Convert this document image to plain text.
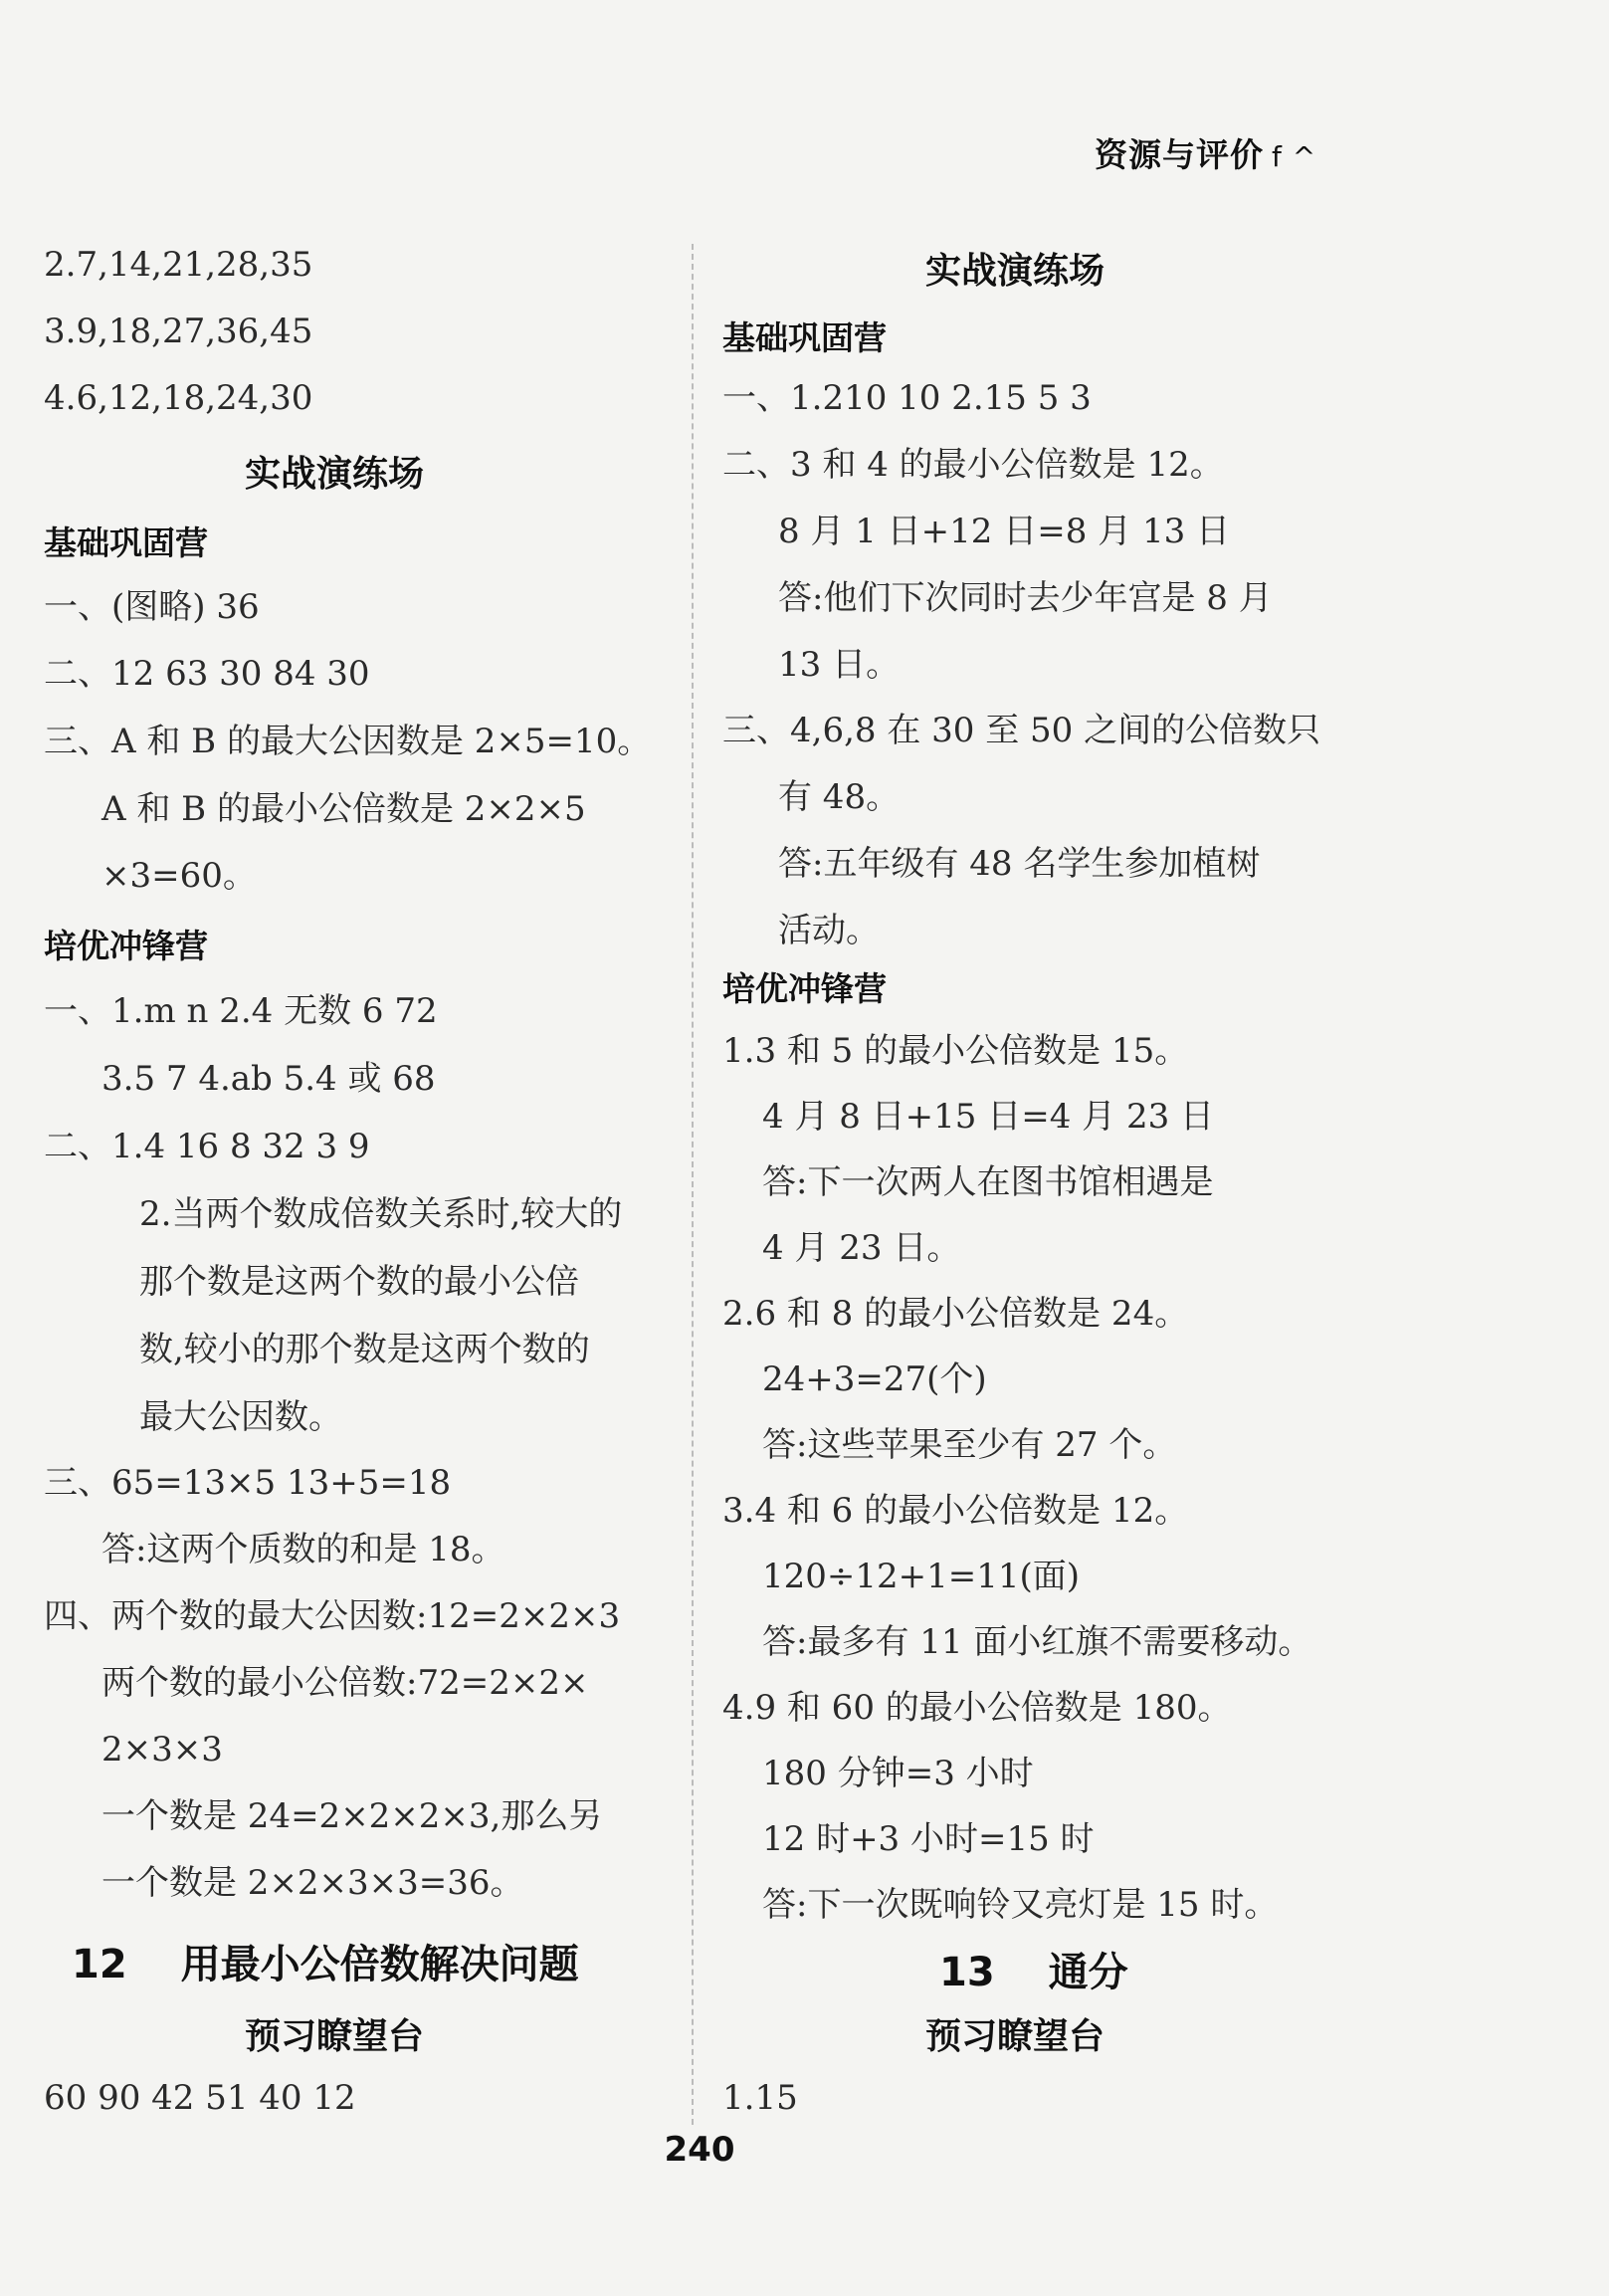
资源与评价 f ^
2.7,14,21,28,35
3.9,18,27,36,45
4.6,12,18,24,30
实战演练场
基础巩固营
一、(图略) 36
二、12 63 30 84 30
三、A 和 B 的最大公因数是 2×5=10。
A 和 B 的最小公倍数是 2×2×5
×3=60。
培优冲锋营
一、1.m n 2.4 无数 6 72
3.5 7 4.ab 5.4 或 68
二、1.4 16 8 32 3 9
2.当两个数成倍数关系时,较大的
那个数是这两个数的最小公倍
数,较小的那个数是这两个数的
最大公因数。
三、65=13×5 13+5=18
答:这两个质数的和是 18。
四、两个数的最大公因数:12=2×2×3
两个数的最小公倍数:72=2×2×
2×3×3
一个数是 24=2×2×2×3,那么另
一个数是 2×2×3×3=36。
12 用最小公倍数解决问题
预习瞭望台
60 90 42 51 40 12
实战演练场
基础巩固营
一、1.210 10 2.15 5 3
二、3 和 4 的最小公倍数是 12。
8 月 1 日+12 日=8 月 13 日
答:他们下次同时去少年宫是 8 月
13 日。
三、4,6,8 在 30 至 50 之间的公倍数只
有 48。
答:五年级有 48 名学生参加植树
活动。
培优冲锋营
1.3 和 5 的最小公倍数是 15。
4 月 8 日+15 日=4 月 23 日
答:下一次两人在图书馆相遇是
4 月 23 日。
2.6 和 8 的最小公倍数是 24。
24+3=27(个)
答:这些苹果至少有 27 个。
3.4 和 6 的最小公倍数是 12。
120÷12+1=11(面)
答:最多有 11 面小红旗不需要移动。
4.9 和 60 的最小公倍数是 180。
180 分钟=3 小时
12 时+3 小时=15 时
答:下一次既响铃又亮灯是 15 时。
13 通分
预习瞭望台
1.15
240
